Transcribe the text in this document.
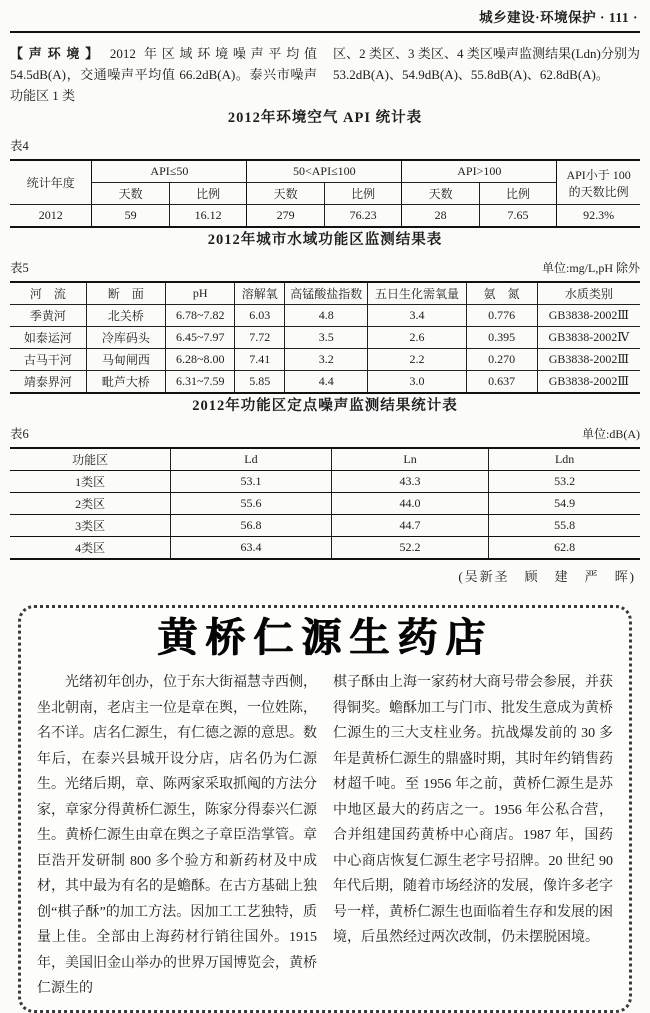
城乡建设·环境保护 · 111 ·
【声环境】 2012 年区域环境噪声平均值 54.5dB(A)，交通噪声平均值 66.2dB(A)。泰兴市噪声功能区 1 类
区、2 类区、3 类区、4 类区噪声监测结果(Ldn)分别为 53.2dB(A)、54.9dB(A)、55.8dB(A)、62.8dB(A)。
2012年环境空气 API 统计表
表4
统计年度	API≤50		50<API≤100		API>100		API小于 100 的天数比例
	天数	比例	天数	比例	天数	比例	
2012	59	16.12	279	76.23	28	7.65	92.3%
2012年城市水域功能区监测结果表
表5	单位:mg/L,pH 除外
河　流	断　面	pH	溶解氧	高锰酸盐指数	五日生化需氧量	氨　氮	水质类别
季黄河	北关桥	6.78~7.82	6.03	4.8	3.4	0.776	GB3838-2002Ⅲ
如泰运河	冷库码头	6.45~7.97	7.72	3.5	2.6	0.395	GB3838-2002Ⅳ
古马干河	马甸闸西	6.28~8.00	7.41	3.2	2.2	0.270	GB3838-2002Ⅲ
靖泰界河	毗芦大桥	6.31~7.59	5.85	4.4	3.0	0.637	GB3838-2002Ⅲ
2012年功能区定点噪声监测结果统计表
表6	单位:dB(A)
功能区	Ld	Ln	Ldn
1类区	53.1	43.3	53.2
2类区	55.6	44.0	54.9
3类区	56.8	44.7	55.8
4类区	63.4	52.2	62.8
(吴新圣　顾　建　严　晖)
黄桥仁源生药店
光绪初年创办，位于东大街福慧寺西侧，坐北朝南，老店主一位是章在舆，一位姓陈，名不详。店名仁源生，有仁德之源的意思。数年后，在泰兴县城开设分店，店名仍为仁源生。光绪后期，章、陈两家采取抓阄的方法分家，章家分得黄桥仁源生，陈家分得泰兴仁源生。黄桥仁源生由章在舆之子章臣浩掌管。章臣浩开发研制 800 多个验方和新药材及中成材，其中最为有名的是蟾酥。在古方基础上独创“棋子酥”的加工方法。因加工工艺独特，质量上佳。全部由上海药材行销往国外。1915 年，美国旧金山举办的世界万国博览会，黄桥仁源生的
棋子酥由上海一家药材大商号带会参展，并获得铜奖。蟾酥加工与门市、批发生意成为黄桥仁源生的三大支柱业务。抗战爆发前的 30 多年是黄桥仁源生的鼎盛时期，其时年约销售药材超千吨。至 1956 年之前，黄桥仁源生是苏中地区最大的药店之一。1956 年公私合营，合并组建国药黄桥中心商店。1987 年，国药中心商店恢复仁源生老字号招牌。20 世纪 90 年代后期，随着市场经济的发展，像许多老字号一样，黄桥仁源生也面临着生存和发展的困境，后虽然经过两次改制，仍未摆脱困境。
